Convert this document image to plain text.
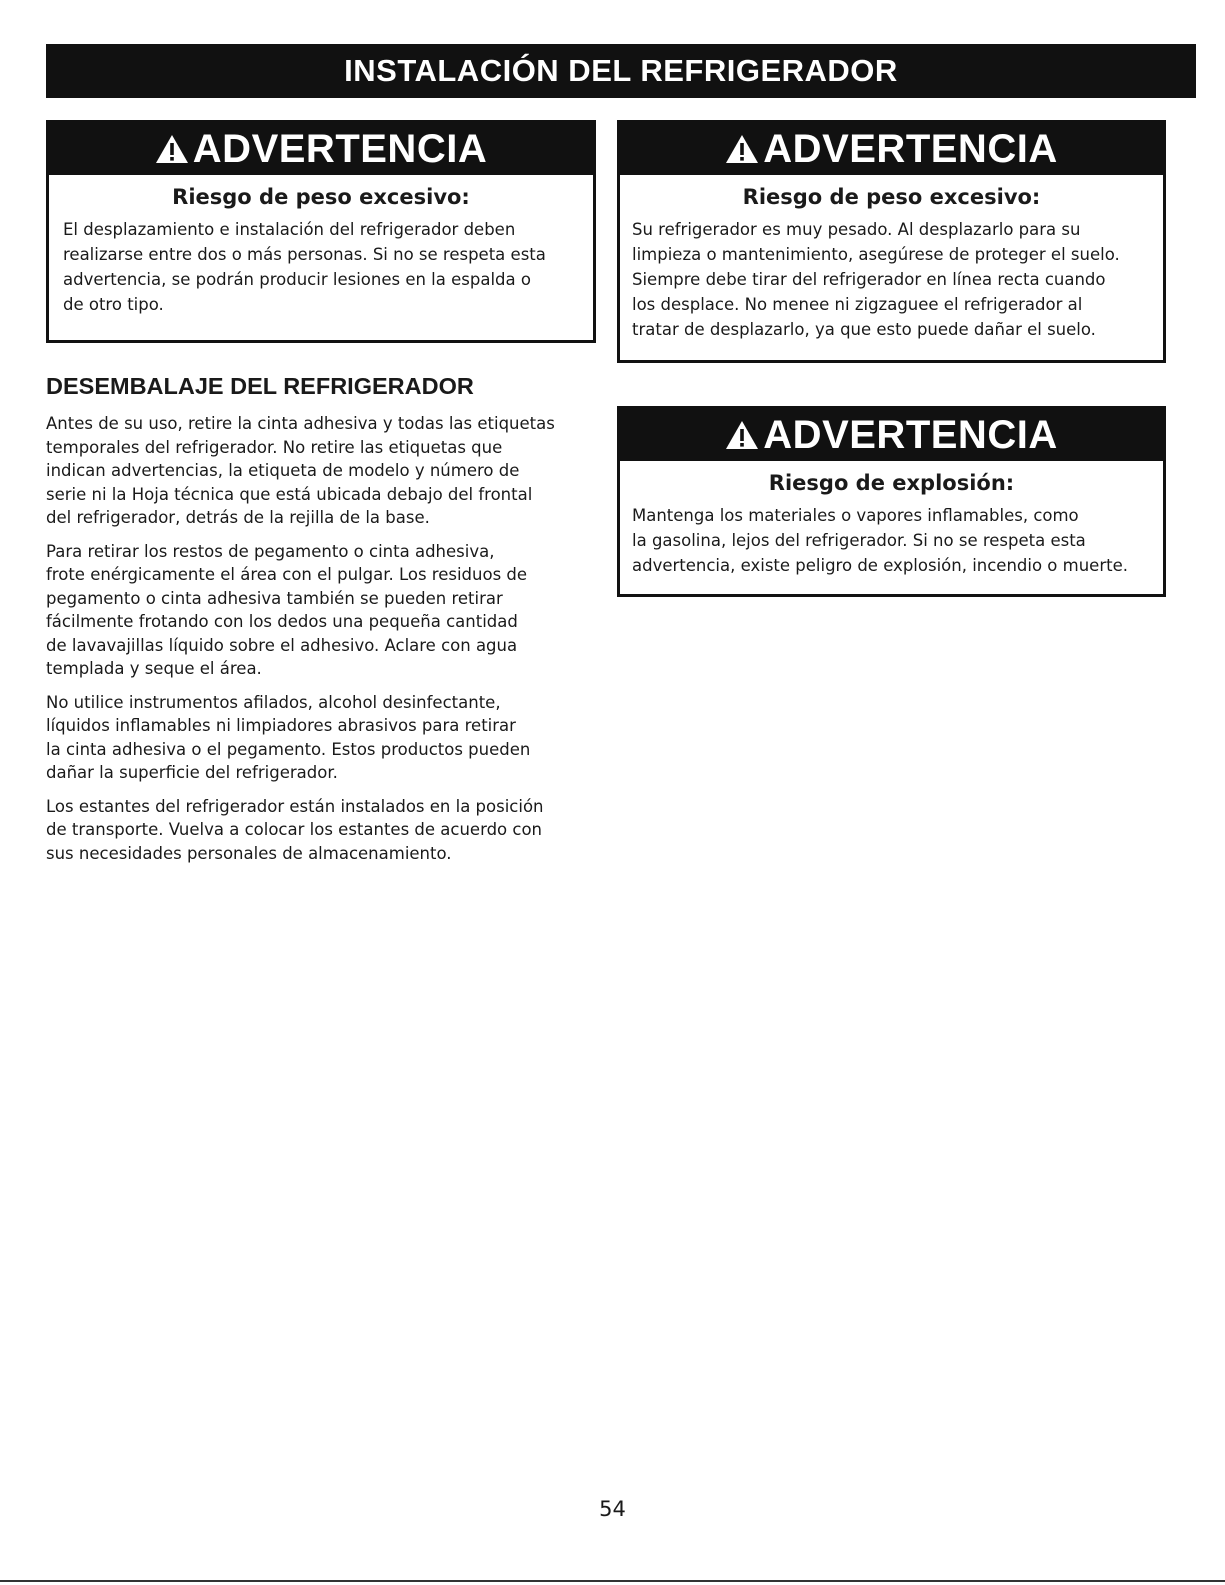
INSTALACIÓN DEL REFRIGERADOR
ADVERTENCIA
Riesgo de peso excesivo:
El desplazamiento e instalación del refrigerador deben
realizarse entre dos o más personas. Si no se respeta esta
advertencia, se podrán producir lesiones en la espalda o
de otro tipo.
ADVERTENCIA
Riesgo de peso excesivo:
Su refrigerador es muy pesado. Al desplazarlo para su
limpieza o mantenimiento, asegúrese de proteger el suelo.
Siempre debe tirar del refrigerador en línea recta cuando
los desplace. No menee ni zigzaguee el refrigerador al
tratar de desplazarlo, ya que esto puede dañar el suelo.
ADVERTENCIA
Riesgo de explosión:
Mantenga los materiales o vapores inflamables, como
la gasolina, lejos del refrigerador. Si no se respeta esta
advertencia, existe peligro de explosión, incendio o muerte.
DESEMBALAJE DEL REFRIGERADOR

Antes de su uso, retire la cinta adhesiva y todas las etiquetas
temporales del refrigerador. No retire las etiquetas que
indican advertencias, la etiqueta de modelo y número de
serie ni la Hoja técnica que está ubicada debajo del frontal
del refrigerador, detrás de la rejilla de la base.

Para retirar los restos de pegamento o cinta adhesiva,
frote enérgicamente el área con el pulgar. Los residuos de
pegamento o cinta adhesiva también se pueden retirar
fácilmente frotando con los dedos una pequeña cantidad
de lavavajillas líquido sobre el adhesivo. Aclare con agua
templada y seque el área.

No utilice instrumentos afilados, alcohol desinfectante,
líquidos inflamables ni limpiadores abrasivos para retirar
la cinta adhesiva o el pegamento. Estos productos pueden
dañar la superficie del refrigerador.

Los estantes del refrigerador están instalados en la posición
de transporte. Vuelva a colocar los estantes de acuerdo con
sus necesidades personales de almacenamiento.

54
